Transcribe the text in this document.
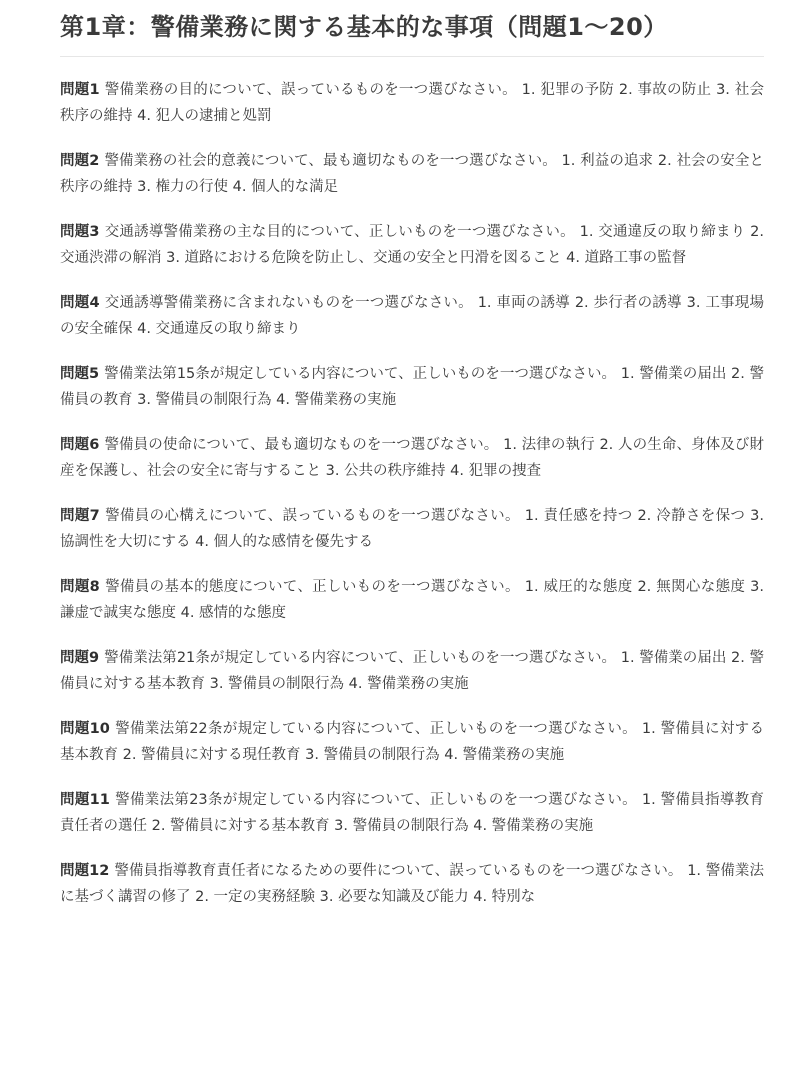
第1章：警備業務に関する基本的な事項（問題1〜20）

問題1 警備業務の目的について、誤っているものを一つ選びなさい。 1. 犯罪の予防 2. 事故の防止 3. 社会秩序の維持 4. 犯人の逮捕と処罰

問題2 警備業務の社会的意義について、最も適切なものを一つ選びなさい。 1. 利益の追求 2. 社会の安全と秩序の維持 3. 権力の行使 4. 個人的な満足

問題3 交通誘導警備業務の主な目的について、正しいものを一つ選びなさい。 1. 交通違反の取り締まり 2. 交通渋滞の解消 3. 道路における危険を防止し、交通の安全と円滑を図ること 4. 道路工事の監督

問題4 交通誘導警備業務に含まれないものを一つ選びなさい。 1. 車両の誘導 2. 歩行者の誘導 3. 工事現場の安全確保 4. 交通違反の取り締まり

問題5 警備業法第15条が規定している内容について、正しいものを一つ選びなさい。 1. 警備業の届出 2. 警備員の教育 3. 警備員の制限行為 4. 警備業務の実施

問題6 警備員の使命について、最も適切なものを一つ選びなさい。 1. 法律の執行 2. 人の生命、身体及び財産を保護し、社会の安全に寄与すること 3. 公共の秩序維持 4. 犯罪の捜査

問題7 警備員の心構えについて、誤っているものを一つ選びなさい。 1. 責任感を持つ 2. 冷静さを保つ 3. 協調性を大切にする 4. 個人的な感情を優先する

問題8 警備員の基本的態度について、正しいものを一つ選びなさい。 1. 威圧的な態度 2. 無関心な態度 3. 謙虚で誠実な態度 4. 感情的な態度

問題9 警備業法第21条が規定している内容について、正しいものを一つ選びなさい。 1. 警備業の届出 2. 警備員に対する基本教育 3. 警備員の制限行為 4. 警備業務の実施

問題10 警備業法第22条が規定している内容について、正しいものを一つ選びなさい。 1. 警備員に対する基本教育 2. 警備員に対する現任教育 3. 警備員の制限行為 4. 警備業務の実施

問題11 警備業法第23条が規定している内容について、正しいものを一つ選びなさい。 1. 警備員指導教育責任者の選任 2. 警備員に対する基本教育 3. 警備員の制限行為 4. 警備業務の実施

問題12 警備員指導教育責任者になるための要件について、誤っているものを一つ選びなさい。 1. 警備業法に基づく講習の修了 2. 一定の実務経験 3. 必要な知識及び能力 4. 特別な
